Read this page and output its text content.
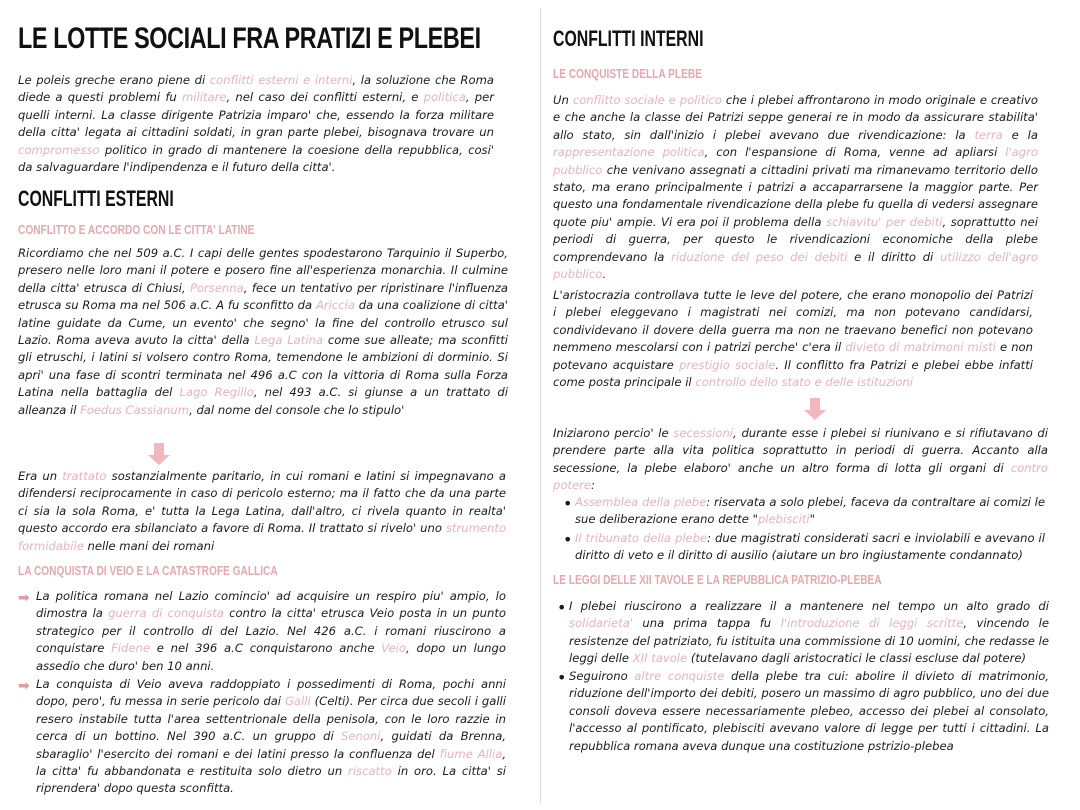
LE LOTTE SOCIALI FRA PRATIZI E PLEBEI

Le poleis greche erano piene di conflitti esterni e interni, la soluzione che Roma diede a questi problemi fu militare, nel caso dei conflitti esterni, e politica, per quelli interni. La classe dirigente Patrizia imparo' che, essendo la forza militare della citta' legata ai cittadini soldati, in gran parte plebei, bisognava trovare un compromesso politico in grado di mantenere la coesione della repubblica, cosi' da salvaguardare l'indipendenza e il futuro della citta'.

CONFLITTI ESTERNI
CONFLITTO E ACCORDO CON LE CITTA' LATINE

Ricordiamo che nel 509 a.C. I capi delle gentes spodestarono Tarquinio il Superbo, presero nelle loro mani il potere e posero fine all'esperienza monarchia. Il culmine della citta' etrusca di Chiusi, Porsenna, fece un tentativo per ripristinare l'influenza etrusca su Roma ma nel 506 a.C. A fu sconfitto da Ariccia da una coalizione di citta' latine guidate da Cume, un evento' che segno' la fine del controllo etrusco sul Lazio. Roma aveva avuto la citta' della Lega Latina come sue alleate; ma sconfitti gli etruschi, i latini si volsero contro Roma, temendone le ambizioni di dorminio. Si apri' una fase di scontri terminata nel 496 a.C con la vittoria di Roma sulla Forza Latina nella battaglia del Lago Regillo, nel 493 a.C. si giunse a un trattato di alleanza il Foedus Cassianum, dal nome del console che lo stipulo'

Era un trattato sostanzialmente paritario, in cui romani e latini si impegnavano a difendersi reciprocamente in caso di pericolo esterno; ma il fatto che da una parte ci sia la sola Roma, e' tutta la Lega Latina, dall'altro, ci rivela quanto in realta' questo accordo era sbilanciato a favore di Roma. Il trattato si rivelo' uno strumento formidabile nelle mani dei romani

LA CONQUISTA DI VEIO E LA CATASTROFE GALLICA
➡ La politica romana nel Lazio comincio' ad acquisire un respiro piu' ampio, lo dimostra la guerra di conquista contro la citta' etrusca Veio posta in un punto strategico per il controllo di del Lazio. Nel 426 a.C. i romani riuscirono a conquistare Fidene e nel 396 a.C conquistarono anche Veio, dopo un lungo assedio che duro' ben 10 anni.

➡ La conquista di Veio aveva raddoppiato i possedimenti di Roma, pochi anni dopo, pero', fu messa in serie pericolo dai Galli (Celti). Per circa due secoli i galli resero instabile tutta l'area settentrionale della penisola, con le loro razzie in cerca di un bottino. Nel 390 a.C. un gruppo di Senoni, guidati da Brenna, sbaraglio' l'esercito dei romani e dei latini presso la confluenza del fiume Allia, la citta' fu abbandonata e restituita solo dietro un riscatto in oro. La citta' si riprendera' dopo questa sconfitta.

CONFLITTI INTERNI
LE CONQUISTE DELLA PLEBE

Un conflitto sociale e politico che i plebei affrontarono in modo originale e creativo e che anche la classe dei Patrizi seppe generai re in modo da assicurare stabilita' allo stato, sin dall'inizio i plebei avevano due rivendicazione: la terra e la rappresentazione politica, con l'espansione di Roma, venne ad apliarsi l'agro pubblico che venivano assegnati a cittadini privati ma rimanevamo territorio dello stato, ma erano principalmente i patrizi a accaparrarsene la maggior parte. Per questo una fondamentale rivendicazione della plebe fu quella di vedersi assegnare quote piu' ampie. Vi era poi il problema della schiavitu' per debiti, soprattutto nei periodi di guerra, per questo le rivendicazioni economiche della plebe comprendevano la riduzione del peso dei debiti e il diritto di utilizzo dell'agro pubblico.

L'aristocrazia controllava tutte le leve del potere, che erano monopolio dei Patrizi i plebei eleggevano i magistrati nei comizi, ma non potevano candidarsi, condividevano il dovere della guerra ma non ne traevano benefici non potevano nemmeno mescolarsi con i patrizi perche' c'era il divieto di matrimoni misti e non potevano acquistare prestigio sociale. Il conflitto fra Patrizi e plebei ebbe infatti come posta principale il controllo dello stato e delle istituzioni

Iniziarono percio' le secessioni, durante esse i plebei si riunivano e si rifiutavano di prendere parte alla vita politica soprattutto in periodi di guerra. Accanto alla secessione, la plebe elaboro' anche un altro forma di lotta gli organi di contro potere:

• Assemblea della plebe: riservata a solo plebei, faceva da contraltare ai comizi le sue deliberazione erano dette "plebisciti"

• Il tribunato della plebe: due magistrati considerati sacri e inviolabili e avevano il diritto di veto e il diritto di ausilio (aiutare un bro ingiustamente condannato)

LE LEGGI DELLE XII TAVOLE E LA REPUBBLICA PATRIZIO-PLEBEA
• I plebei riuscirono a realizzare il a mantenere nel tempo un alto grado di solidarieta' una prima tappa fu l'introduzione di leggi scritte, vincendo le resistenze del patriziato, fu istituita una commissione di 10 uomini, che redasse le leggi delle XII tavole (tutelavano dagli aristocratici le classi escluse dal potere)

• Seguirono altre conquiste della plebe tra cui: abolire il divieto di matrimonio, riduzione dell'importo dei debiti, posero un massimo di agro pubblico, uno dei due consoli doveva essere necessariamente plebeo, accesso dei plebei al consolato, l'accesso al pontificato, plebisciti avevano valore di legge per tutti i cittadini. La repubblica romana aveva dunque una costituzione pstrizio-plebea
